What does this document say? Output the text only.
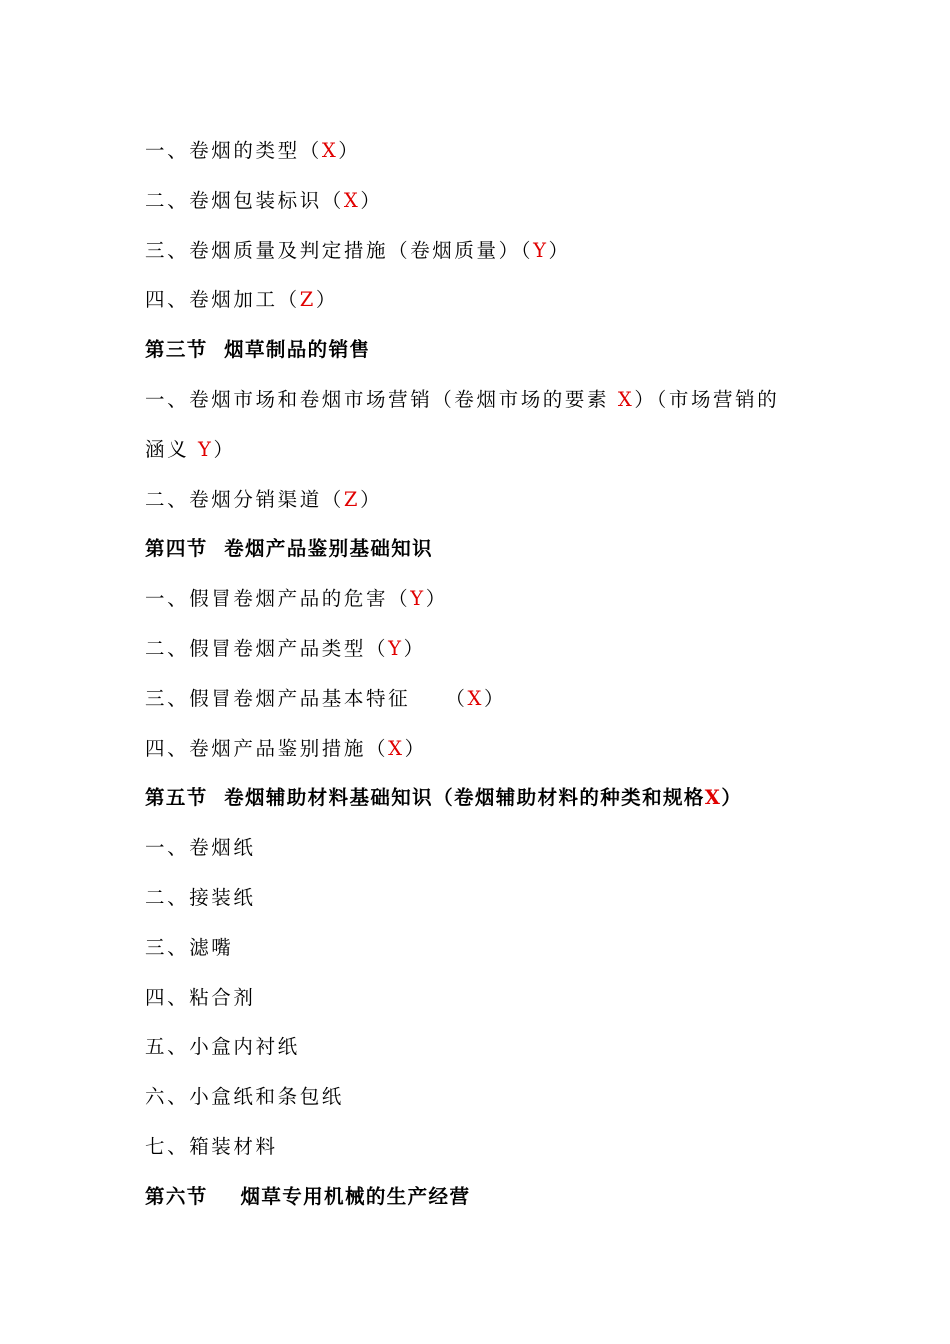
一、卷烟的类型（X）
二、卷烟包装标识（X）
三、卷烟质量及判定措施（卷烟质量）（Y）
四、卷烟加工（Z）
第三节  烟草制品的销售
一、卷烟市场和卷烟市场营销（卷烟市场的要素 X）（市场营销的
涵义 Y）
二、卷烟分销渠道（Z）
第四节  卷烟产品鉴别基础知识
一、假冒卷烟产品的危害（Y）
二、假冒卷烟产品类型（Y）
三、假冒卷烟产品基本特征    （X）
四、卷烟产品鉴别措施（X）
第五节  卷烟辅助材料基础知识（卷烟辅助材料的种类和规格X）
一、卷烟纸
二、接装纸
三、滤嘴
四、粘合剂
五、小盒内衬纸
六、小盒纸和条包纸
七、箱装材料
第六节    烟草专用机械的生产经营
